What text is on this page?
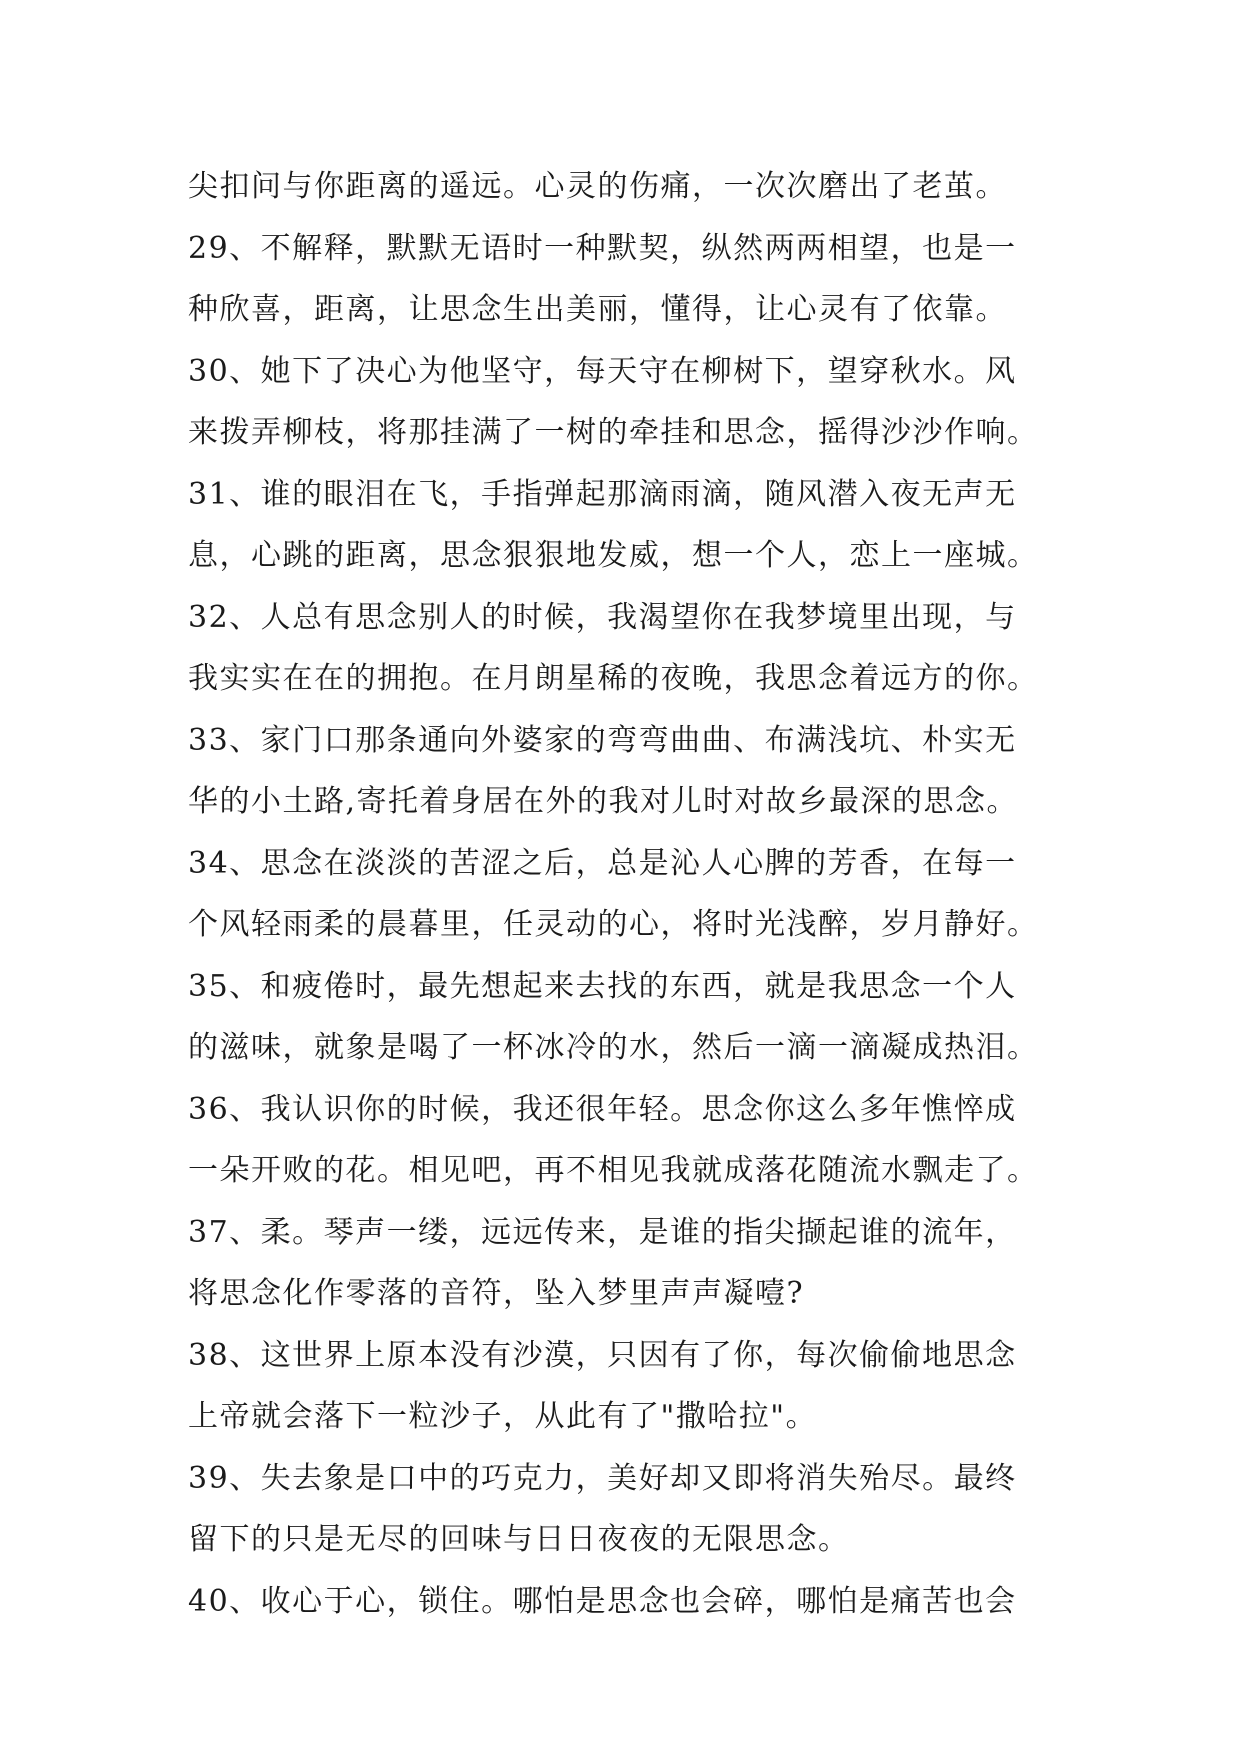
尖扣问与你距离的遥远。心灵的伤痛，一次次磨出了老茧。
29、不解释，默默无语时一种默契，纵然两两相望，也是一
种欣喜，距离，让思念生出美丽，懂得，让心灵有了依靠。
30、她下了决心为他坚守，每天守在柳树下，望穿秋水。风
来拨弄柳枝，将那挂满了一树的牵挂和思念，摇得沙沙作响。
31、谁的眼泪在飞，手指弹起那滴雨滴，随风潜入夜无声无
息，心跳的距离，思念狠狠地发威，想一个人，恋上一座城。
32、人总有思念别人的时候，我渴望你在我梦境里出现，与
我实实在在的拥抱。在月朗星稀的夜晚，我思念着远方的你。
33、家门口那条通向外婆家的弯弯曲曲、布满浅坑、朴实无
华的小土路,寄托着身居在外的我对儿时对故乡最深的思念。
34、思念在淡淡的苦涩之后，总是沁人心脾的芳香，在每一
个风轻雨柔的晨暮里，任灵动的心，将时光浅醉，岁月静好。
35、和疲倦时，最先想起来去找的东西，就是我思念一个人
的滋味，就象是喝了一杯冰冷的水，然后一滴一滴凝成热泪。
36、我认识你的时候，我还很年轻。思念你这么多年憔悴成
一朵开败的花。相见吧，再不相见我就成落花随流水飘走了。
37、柔。琴声一缕，远远传来，是谁的指尖撷起谁的流年，
将思念化作零落的音符，坠入梦里声声凝噎?
38、这世界上原本没有沙漠，只因有了你，每次偷偷地思念
上帝就会落下一粒沙子，从此有了"撒哈拉"。
39、失去象是口中的巧克力，美好却又即将消失殆尽。最终
留下的只是无尽的回味与日日夜夜的无限思念。
40、收心于心，锁住。哪怕是思念也会碎，哪怕是痛苦也会
